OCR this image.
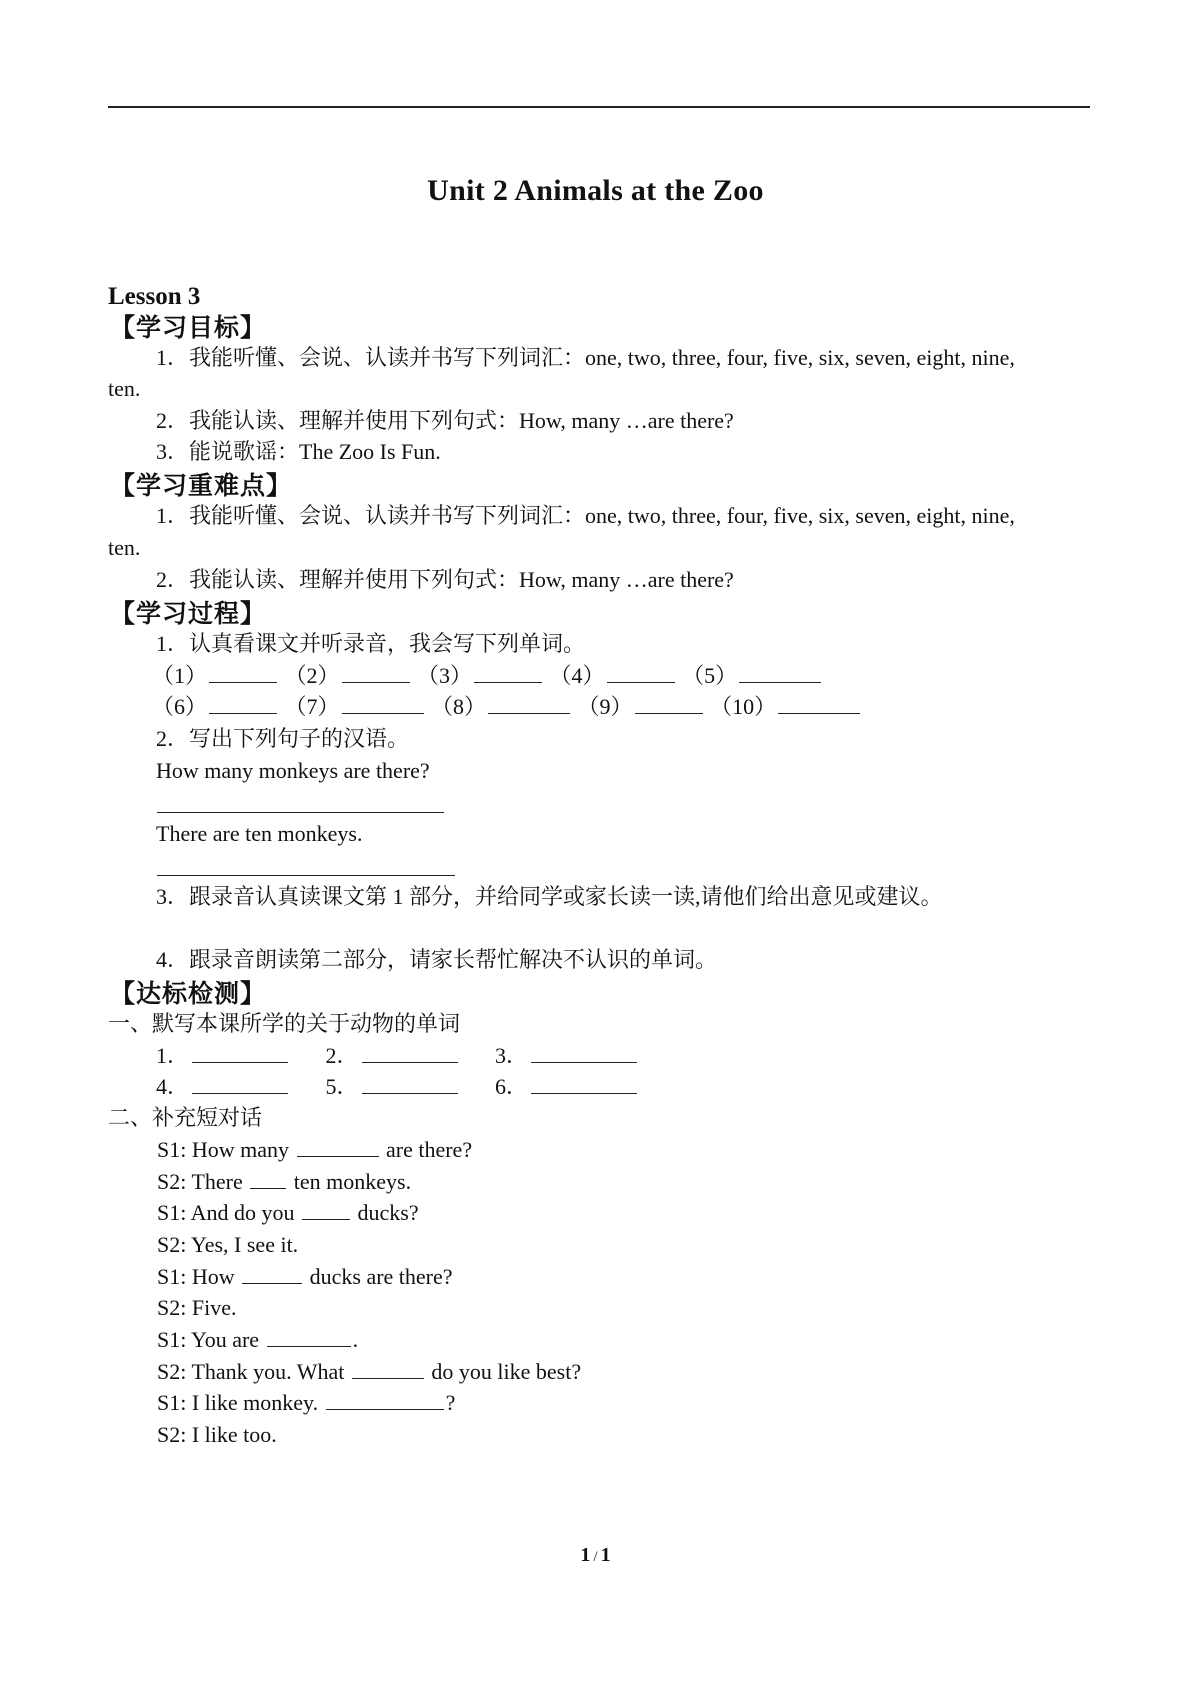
Unit 2 Animals at the Zoo
Lesson 3
【学习目标】
1．我能听懂、会说、认读并书写下列词汇：one, two, three, four, five, six, seven, eight, nine,
ten.
2．我能认读、理解并使用下列句式：How, many …are there?
3．能说歌谣：The Zoo Is Fun.
【学习重难点】
1．我能听懂、会说、认读并书写下列词汇：one, two, three, four, five, six, seven, eight, nine,
ten.
2．我能认读、理解并使用下列句式：How, many …are there?
【学习过程】
1．认真看课文并听录音，我会写下列单词。
（1）	（2）	（3）	（4）	（5）
（6）	（7）	（8）	（9）	（10）
2．写出下列句子的汉语。
How many monkeys are there?
There are ten monkeys.
3．跟录音认真读课文第 1 部分，并给同学或家长读一读,请他们给出意见或建议。
4．跟录音朗读第二部分，请家长帮忙解决不认识的单词。
【达标检测】
一、默写本课所学的关于动物的单词
1．	2．	3．
4．	5．	6．
二、补充短对话
S1: How many	are there?
S2: There  ten monkeys.
S1: And do you  ducks?
S2: Yes, I see it.
S1: How	ducks are there?
S2: Five.
S1: You are	.
S2: Thank you. What	do you like best?
S1: I like monkey.	?
S2: I like too.
1 / 1
